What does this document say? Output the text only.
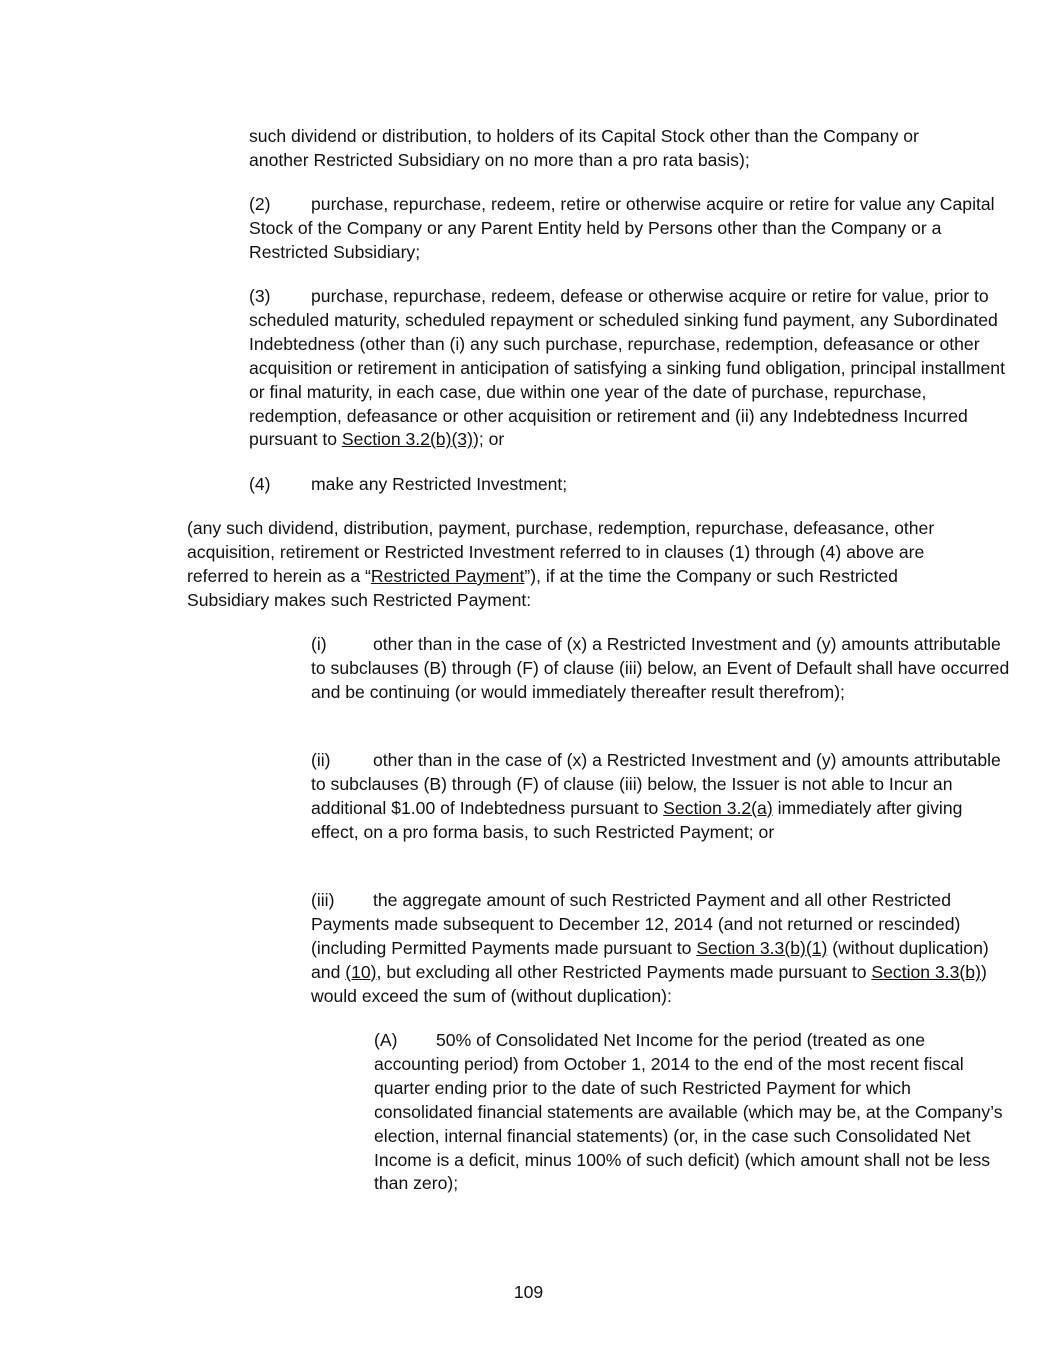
such dividend or distribution, to holders of its Capital Stock other than the Company or another Restricted Subsidiary on no more than a pro rata basis);

(2) purchase, repurchase, redeem, retire or otherwise acquire or retire for value any Capital Stock of the Company or any Parent Entity held by Persons other than the Company or a Restricted Subsidiary;

(3) purchase, repurchase, redeem, defease or otherwise acquire or retire for value, prior to scheduled maturity, scheduled repayment or scheduled sinking fund payment, any Subordinated Indebtedness (other than (i) any such purchase, repurchase, redemption, defeasance or other acquisition or retirement in anticipation of satisfying a sinking fund obligation, principal installment or final maturity, in each case, due within one year of the date of purchase, repurchase, redemption, defeasance or other acquisition or retirement and (ii) any Indebtedness Incurred pursuant to Section 3.2(b)(3)); or

(4) make any Restricted Investment;

(any such dividend, distribution, payment, purchase, redemption, repurchase, defeasance, other acquisition, retirement or Restricted Investment referred to in clauses (1) through (4) above are referred to herein as a “Restricted Payment”), if at the time the Company or such Restricted Subsidiary makes such Restricted Payment:

(i)	other than in the case of (x) a Restricted Investment and (y) amounts attributable to subclauses (B) through (F) of clause (iii) below, an Event of Default shall have occurred and be continuing (or would immediately thereafter result therefrom);

(ii) other than in the case of (x) a Restricted Investment and (y) amounts attributable to subclauses (B) through (F) of clause (iii) below, the Issuer is not able to Incur an additional $1.00 of Indebtedness pursuant to Section 3.2(a) immediately after giving effect, on a pro forma basis, to such Restricted Payment; or

(iii) the aggregate amount of such Restricted Payment and all other Restricted Payments made subsequent to December 12, 2014 (and not returned or rescinded) (including Permitted Payments made pursuant to Section 3.3(b)(1) (without duplication) and (10), but excluding all other Restricted Payments made pursuant to Section 3.3(b)) would exceed the sum of (without duplication):

(A) 50% of Consolidated Net Income for the period (treated as one accounting period) from October 1, 2014 to the end of the most recent fiscal quarter ending prior to the date of such Restricted Payment for which consolidated financial statements are available (which may be, at the Company’s election, internal financial statements) (or, in the case such Consolidated Net Income is a deficit, minus 100% of such deficit) (which amount shall not be less than zero);

109
